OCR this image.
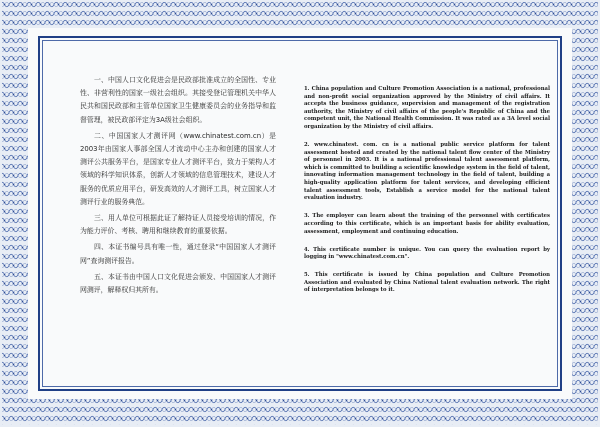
一、中国人口文化促进会是民政部批准成立的全国性、专业性、非营利性的国家一级社会组织。其接受登记管理机关中华人民共和国民政部和主管单位国家卫生健康委员会的业务指导和监督管理，被民政部评定为3A级社会组织。

二、中国国家人才测评网（www.chinatest.com.cn）是2003年由国家人事部全国人才流动中心主办和创建的国家人才测评公共服务平台，是国家专业人才测评平台，致力于架构人才领域的科学知识体系，创新人才领域的信息管理技术，建设人才服务的优质应用平台，研发高效的人才测评工具，树立国家人才测评行业的服务典范。

三、用人单位可根据此证了解持证人员接受培训的情况，作为能力评价、考核、聘用和继续教育的重要依据。

四、本证书编号具有唯一性，通过登录“中国国家人才测评网”查询测评报告。

五、本证书由中国人口文化促进会颁发、中国国家人才测评网测评，解释权归其所有。

1. China population and Culture Promotion Association is a national, professional and non-profit social organization approved by the Ministry of civil affairs. It accepts the business guidance, supervision and management of the registration authority, the Ministry of civil affairs of the people's Republic of China and the competent unit, the National Health Commission. It was rated as a 3A level social organization by the Ministry of civil affairs.

2. www.chinatest. com. cn is a national public service platform for talent assessment hosted and created by the national talent flow center of the Ministry of personnel in 2003. It is a national professional talent assessment platform, which is committed to building a scientific knowledge system in the field of talent, innovating information management technology in the field of talent, building a high-quality application platform for talent services, and developing efficient talent assessment tools, Establish a service model for the national talent evaluation industry.

3. The employer can learn about the training of the personnel with certificates according to this certificate, which is an important basis for ability evaluation, assessment, employment and continuing education.

4. This certificate number is unique. You can query the evaluation report by logging in "www.chinatest.com.cn".

5. This certificate is issued by China population and Culture Promotion Association and evaluated by China National talent evaluation network. The right of interpretation belongs to it.
